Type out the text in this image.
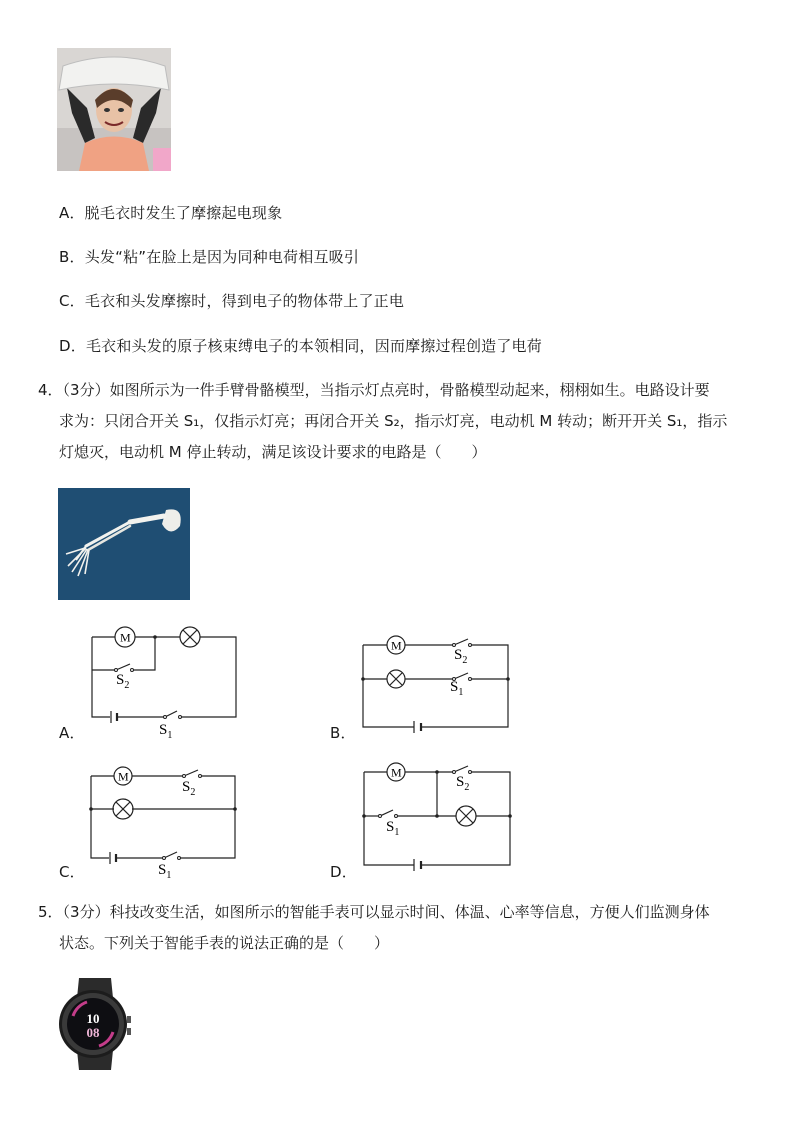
A．脱毛衣时发生了摩擦起电现象
B．头发“粘”在脸上是因为同种电荷相互吸引
C．毛衣和头发摩擦时，得到电子的物体带上了正电
D．毛衣和头发的原子核束缚电子的本领相同，因而摩擦过程创造了电荷
4．（3分）如图所示为一件手臂骨骼模型，当指示灯点亮时，骨骼模型动起来，栩栩如生。电路设计要
求为：只闭合开关 S₁，仅指示灯亮；再闭合开关 S₂，指示灯亮，电动机 M 转动；断开开关 S₁，指示
灯熄灭，电动机 M 停止转动，满足该设计要求的电路是（　　）
M
$S_2$
$S_1$
A．
M
$S_2$
$S_1$
B．
M
$S_2$
$S_1$
C．
M
$S_2$
$S_1$
D．
5．（3分）科技改变生活，如图所示的智能手表可以显示时间、体温、心率等信息，方便人们监测身体
状态。下列关于智能手表的说法正确的是（　　）
10
08
